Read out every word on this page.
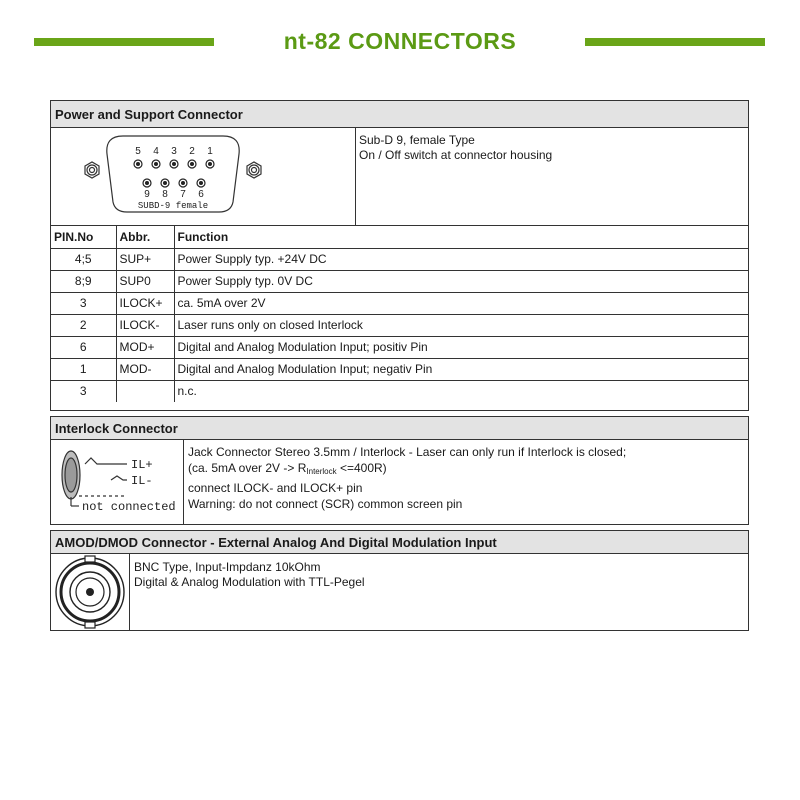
nt-82 CONNECTORS
Power and Support Connector
5 4 3 2 1
9 8 7 6
SUBD-9 female
Sub-D 9, female Type
On / Off switch at connector housing
PIN.No	Abbr.	Function
4;5	SUP+	Power Supply typ. +24V DC
8;9	SUP0	Power Supply typ. 0V DC
3	ILOCK+	ca. 5mA over 2V
2	ILOCK-	Laser runs only on closed Interlock
6	MOD+	Digital and Analog Modulation Input; positiv Pin
1	MOD-	Digital and Analog Modulation Input; negativ Pin
3		n.c.
Interlock Connector
IL+
IL-
not connected
Jack Connector Stereo 3.5mm / Interlock - Laser can only run if Interlock is closed;
(ca. 5mA over $2V -> R_{Interlock} <=400R$)
connect ILOCK- and ILOCK+ pin
Warning: do not connect (SCR) common screen pin
AMOD/DMOD Connector - External Analog And Digital Modulation Input
BNC Type, Input-Impdanz 10kOhm
Digital & Analog Modulation with TTL-Pegel
